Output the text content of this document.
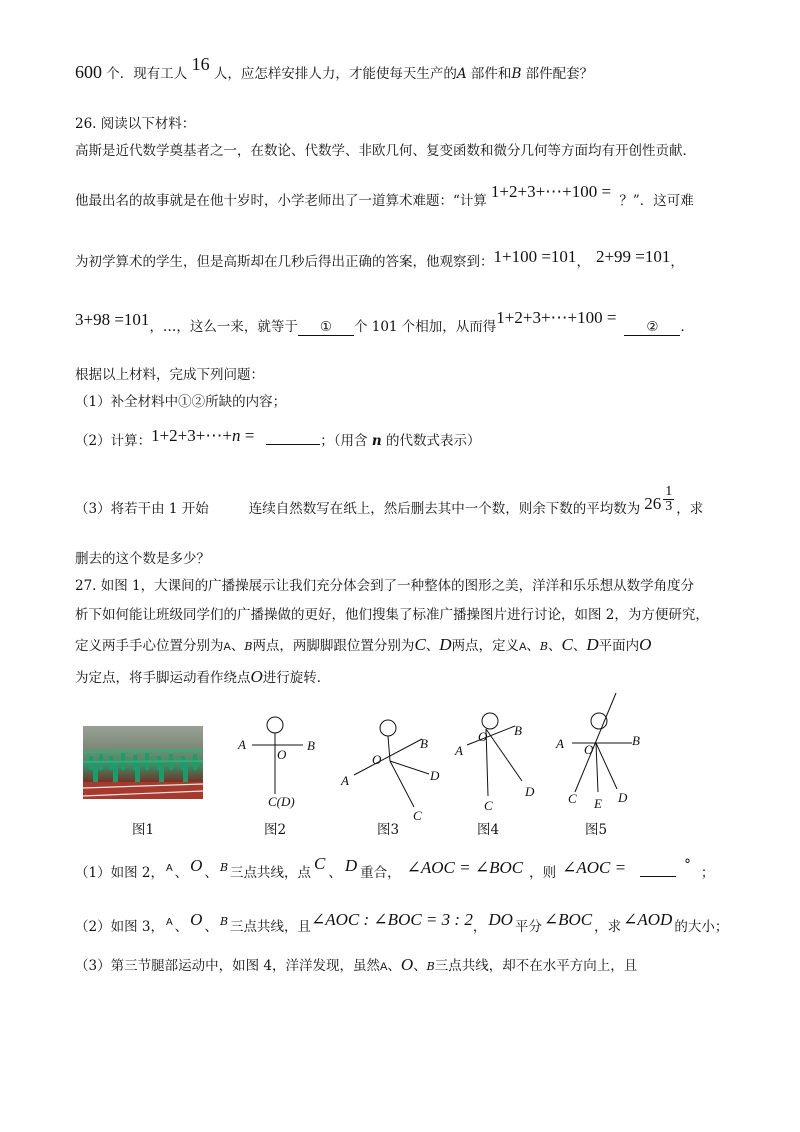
600 个．现有工人 16 人，应怎样安排人力，才能使每天生产的A 部件和B 部件配套？
26. 阅读以下材料：
高斯是近代数学奠基者之一，在数论、代数学、非欧几何、复变函数和微分几何等方面均有开创性贡献．
他最出名的故事就是在他十岁时，小学老师出了一道算术难题：“计算 1+2+3+⋯+100 = ？”．这可难
为初学算术的学生，但是高斯却在几秒后得出正确的答案，他观察到：1+100 =101， 2+99 =101，
3+98 =101，…，这么一来，就等于 ① 个 101 个相加，从而得1+2+3+⋯+100 = ② ．
根据以上材料，完成下列问题：
（1）补全材料中①②所缺的内容；
（2）计算：1+2+3+⋯+n =	；（用含 n 的代数式表示）
（3）将若干由 1 开始	连续自然数写在纸上，然后删去其中一个数，则余下数的平均数为 $26 \frac{1}{3}$ ，求
删去的这个数是多少？
27. 如图 1，大课间的广播操展示让我们充分体会到了一种整体的图形之美，洋洋和乐乐想从数学角度分
析下如何能让班级同学们的广播操做的更好，他们搜集了标准广播操图片进行讨论，如图 2，为方便研究，
定义两手手心位置分别为A、B两点，两脚脚跟位置分别为C、D两点，定义A、B、C、D平面内O
为定点，将手脚运动看作绕点O进行旋转．
A	B
O
C(D)
A
B
O
D
C
A
B
O
D
C
A	B
O
C E D
图1	图2	图3	图4	图5
（1）如图 2， $^A$ 、 O 、 $^B$ 三点共线，点 C 、 D 重合， ∠AOC = ∠BOC ，则 ∠AOC =	° ；
（2）如图 3， $^A$ 、 O 、 $^B$ 三点共线，且∠AOC : ∠BOC = 3 : 2， DO 平分 ∠BOC ，求 ∠AOD 的大小；
（3）第三节腿部运动中，如图 4，洋洋发现，虽然A、O、B三点共线，却不在水平方向上，且
